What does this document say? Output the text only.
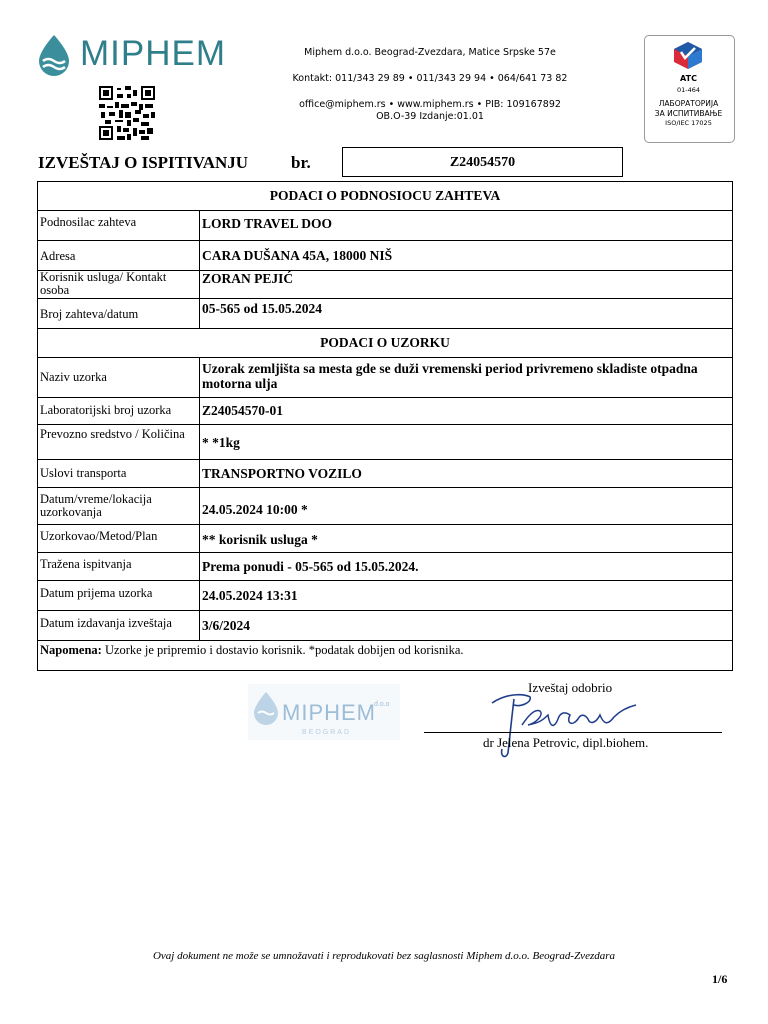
MIPHEM	Miphem d.o.o. Beograd-Zvezdara, Matice Srpske 57e
Kontakt: 011/343 29 89 • 011/343 29 94 • 064/641 73 82
office@miphem.rs • www.miphem.rs • PIB: 109167892
OB.O-39 Izdanje:01.01
ATC
01-464
ЛАБОРАТОРИЈА
ЗА ИСПИТИВАЊЕ
ISO/IEC 17025
IZVEŠTAJ O ISPITIVANJU	br.	Z24054570
PODACI O PODNOSIOCU ZAHTEVA	
Podnosilac zahteva	LORD TRAVEL DOO
Adresa	CARA DUŠANA 45A, 18000 NIŠ
Korisnik usluga/ Kontakt osoba	ZORAN PEJIĆ
Broj zahteva/datum	05-565 od 15.05.2024
PODACI O UZORKU	
Naziv uzorka	Uzorak zemljišta sa mesta gde se duži vremenski period privremeno skladiste otpadna motorna ulja
Laboratorijski broj uzorka	Z24054570-01
Prevozno sredstvo / Količina	* *1kg
Uslovi transporta	TRANSPORTNO VOZILO
Datum/vreme/lokacija uzorkovanja	24.05.2024 10:00 *
Uzorkovao/Metod/Plan	** korisnik usluga *
Tražena ispitvanja	Prema ponudi - 05-565 od 15.05.2024.
Datum prijema uzorka	24.05.2024 13:31
Datum izdavanja izveštaja	3/6/2024
Napomena: Uzorke je pripremio i dostavio korisnik. *podatak dobijen od korisnika.	
MIPHEM
d.o.o
BEOGRAD
Izveštaj odobrio
dr Jelena Petrovic, dipl.biohem.
Ovaj dokument ne može se umnožavati i reprodukovati bez saglasnosti Miphem d.o.o. Beograd-Zvezdara
1/6
